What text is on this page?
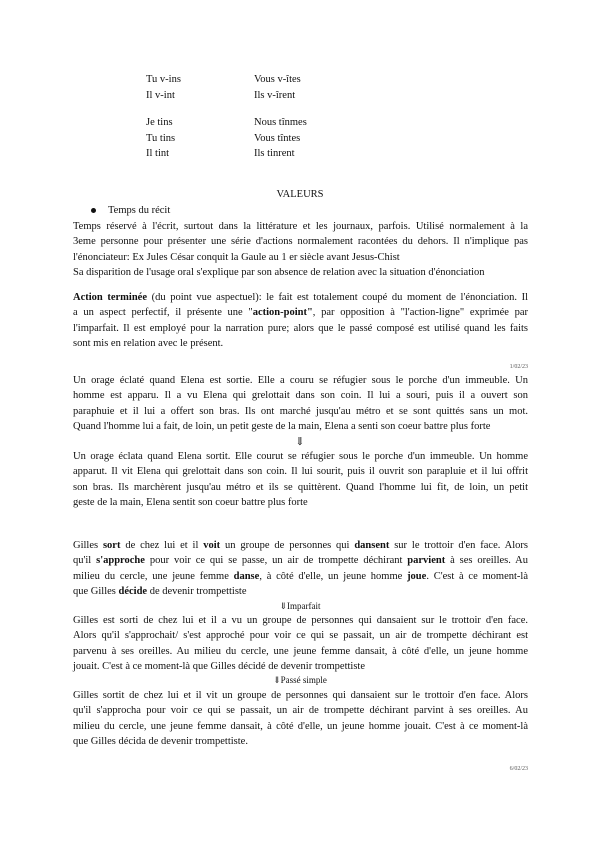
Tu v-ins	Vous v-îtes
Il v-int	Ils v-îrent
Je tins	Nous tînmes
Tu tins	Vous tîntes
Il tint	Ils tinrent
VALEURS
Temps du récit
Temps réservé à l'écrit, surtout dans la littérature et les journaux, parfois. Utilisé normalement à la
3eme personne pour présenter une série d'actions normalement racontées du dehors. Il n'implique pas
l'énonciateur: Ex Jules César conquit la Gaule au 1 er siècle avant Jesus-Chist
Sa disparition de l'usage oral s'explique par son absence de relation avec la situation d'énonciation
Action terminée (du point vue aspectuel): le fait est totalement coupé du moment de l'énonciation. Il
a un aspect perfectif, il présente une "action-point", par opposition à "l'action-ligne" exprimée par
l'imparfait. Il est employé pour la narration pure; alors que le passé composé est utilisé quand les faits
sont mis en relation avec le présent.
1/02/23
Un orage éclaté quand Elena est sortie. Elle a couru se réfugier sous le porche d'un immeuble. Un
homme est apparu. Il a vu Elena qui grelottait dans son coin. Il lui a souri, puis il a ouvert son
paraphuie et il lui a offert son bras. Ils ont marché jusqu'au métro et se sont quittés sans un mot.
Quand l'homme lui a fait, de loin, un petit geste de la main, Elena a senti son coeur battre plus forte
⇓
Un orage éclata quand Elena sortit. Elle courut se réfugier sous le porche d'un immeuble. Un homme
apparut. Il vit Elena qui grelottait dans son coin. Il lui sourit, puis il ouvrit son parapluie et il lui offrit
son bras. Ils marchèrent jusqu'au métro et ils se quittèrent. Quand l'homme lui fit, de loin, un petit
geste de la main, Elena sentit son coeur battre plus forte
Gilles sort de chez lui et il voit un groupe de personnes qui dansent sur le trottoir d'en face. Alors
qu'il s'approche pour voir ce qui se passe, un air de trompette déchirant parvient à ses oreilles. Au
milieu du cercle, une jeune femme danse, à côté d'elle, un jeune homme joue. C'est à ce moment-là
que Gilles décide de devenir trompettiste
⇓Imparfait
Gilles est sorti de chez lui et il a vu un groupe de personnes qui dansaient sur le trottoir d'en face.
Alors qu'il s'approchait/ s'est approché pour voir ce qui se passait, un air de trompette déchirant est
parvenu à ses oreilles. Au milieu du cercle, une jeune femme dansait, à côté d'elle, un jeune homme
jouait. C'est à ce moment-là que Gilles décidé de devenir trompettiste
⇓Passé simple
Gilles sortit de chez lui et il vit un groupe de personnes qui dansaient sur le trottoir d'en face. Alors
qu'il s'approcha pour voir ce qui se passait, un air de trompette déchirant parvint à ses oreilles. Au
milieu du cercle, une jeune femme dansait, à côté d'elle, un jeune homme jouait. C'est à ce moment-là
que Gilles décida de devenir trompettiste.
6/02/23
